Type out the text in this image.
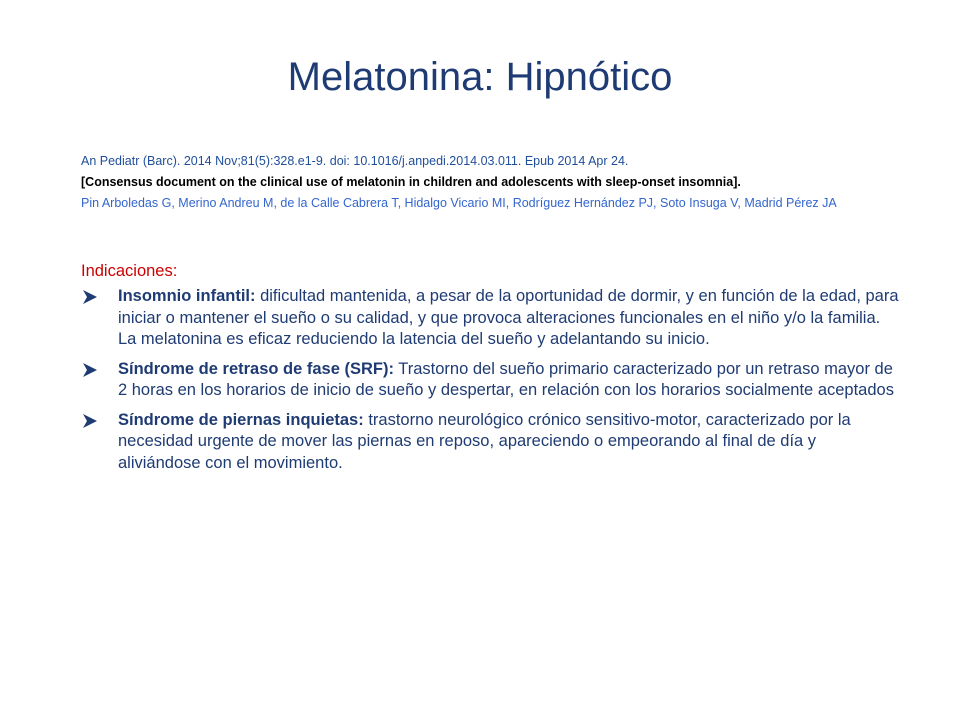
Melatonina: Hipnótico

An Pediatr (Barc). 2014 Nov;81(5):328.e1-9. doi: 10.1016/j.anpedi.2014.03.011. Epub 2014 Apr 24.

[Consensus document on the clinical use of melatonin in children and adolescents with sleep-onset insomnia].

Pin Arboledas G, Merino Andreu M, de la Calle Cabrera T, Hidalgo Vicario MI, Rodríguez Hernández PJ, Soto Insuga V, Madrid Pérez JA

Indicaciones:

Insomnio infantil: dificultad mantenida, a pesar de la oportunidad de dormir, y en función de la edad, para iniciar o mantener el sueño o su calidad, y que provoca alteraciones funcionales en el niño y/o la familia. La melatonina es eficaz reduciendo la latencia del sueño y adelantando su inicio.
Síndrome de retraso de fase (SRF): Trastorno del sueño primario caracterizado por un retraso mayor de 2 horas en los horarios de inicio de sueño y despertar, en relación con los horarios socialmente aceptados
Síndrome de piernas inquietas: trastorno neurológico crónico sensitivo-motor, caracterizado por la necesidad urgente de mover las piernas en reposo, apareciendo o empeorando al final de día y aliviándose con el movimiento.
